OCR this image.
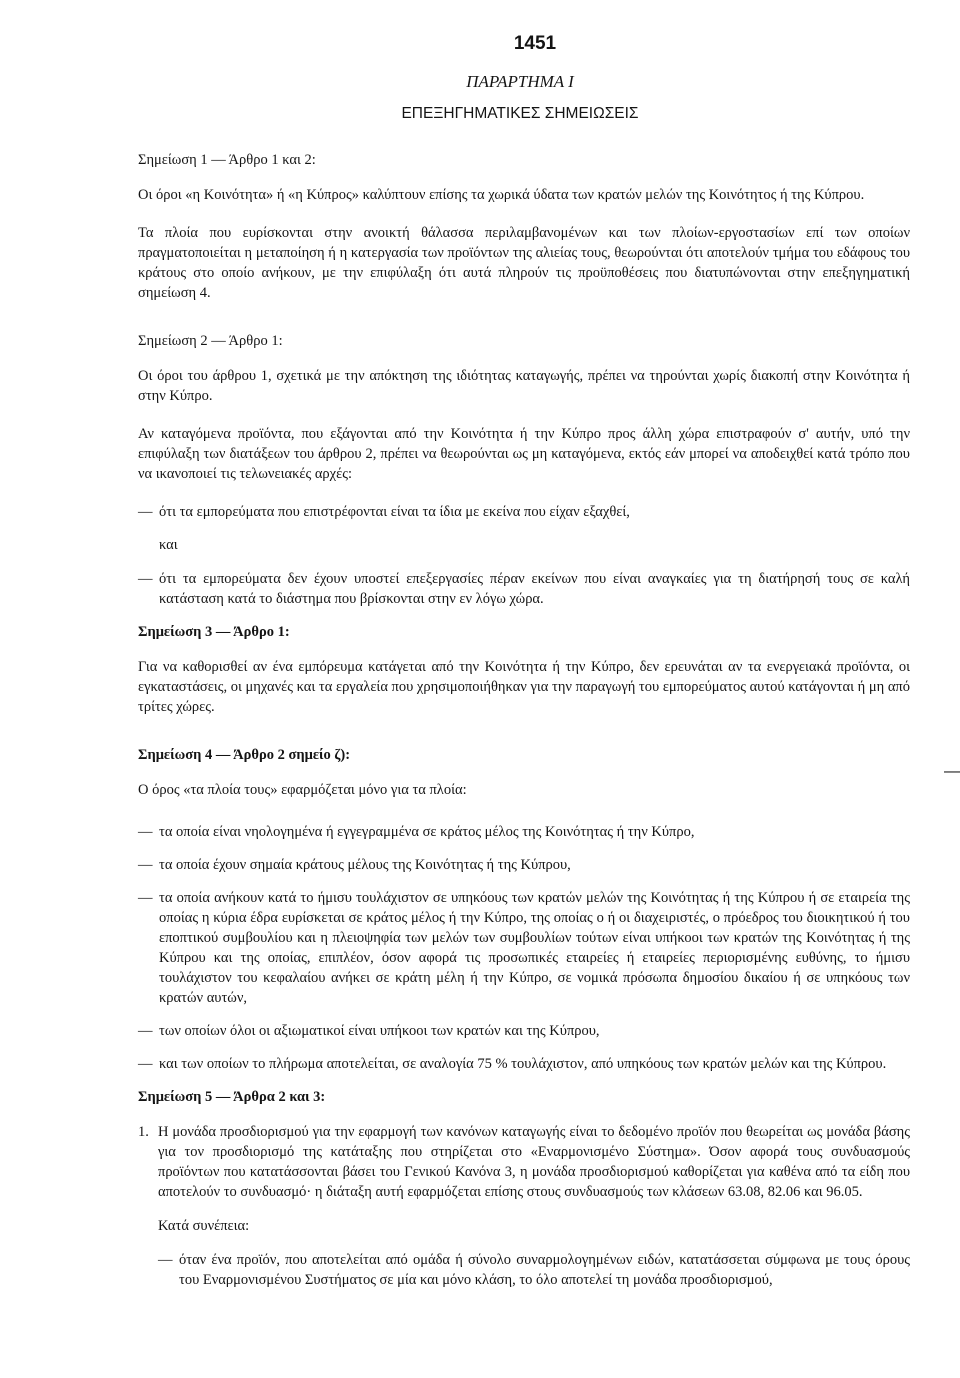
1451
ΠΑΡΑΡΤΗΜΑ Ι
ΕΠΕΞΗΓΗΜΑΤΙΚΕΣ ΣΗΜΕΙΩΣΕΙΣ
Σημείωση 1 — Άρθρο 1 και 2:
Οι όροι «η Κοινότητα» ή «η Κύπρος» καλύπτουν επίσης τα χωρικά ύδατα των κρατών μελών της Κοινότητος ή της Κύπρου.
Τα πλοία που ευρίσκονται στην ανοικτή θάλασσα περιλαμβανομένων και των πλοίων-εργοστασίων επί των οποίων πραγματοποιείται η μεταποίηση ή η κατεργασία των προϊόντων της αλιείας τους, θεωρούνται ότι αποτελούν τμήμα του εδάφους του κράτους στο οποίο ανήκουν, με την επιφύλαξη ότι αυτά πληρούν τις προϋποθέσεις που διατυπώνονται στην επεξηγηματική σημείωση 4.
Σημείωση 2 — Άρθρο 1:
Οι όροι του άρθρου 1, σχετικά με την απόκτηση της ιδιότητας καταγωγής, πρέπει να τηρούνται χωρίς διακοπή στην Κοινότητα ή στην Κύπρο.
Αν καταγόμενα προϊόντα, που εξάγονται από την Κοινότητα ή την Κύπρο προς άλλη χώρα επιστραφούν σ' αυτήν, υπό την επιφύλαξη των διατάξεων του άρθρου 2, πρέπει να θεωρούνται ως μη καταγόμενα, εκτός εάν μπορεί να αποδειχθεί κατά τρόπο που να ικανοποιεί τις τελωνειακές αρχές:
— ότι τα εμπορεύματα που επιστρέφονται είναι τα ίδια με εκείνα που είχαν εξαχθεί,
και
— ότι τα εμπορεύματα δεν έχουν υποστεί επεξεργασίες πέραν εκείνων που είναι αναγκαίες για τη διατήρησή τους σε καλή κατάσταση κατά το διάστημα που βρίσκονται στην εν λόγω χώρα.
Σημείωση 3 — Άρθρο 1:
Για να καθορισθεί αν ένα εμπόρευμα κατάγεται από την Κοινότητα ή την Κύπρο, δεν ερευνάται αν τα ενεργειακά προϊόντα, οι εγκαταστάσεις, οι μηχανές και τα εργαλεία που χρησιμοποιήθηκαν για την παραγωγή του εμπορεύματος αυτού κατάγονται ή μη από τρίτες χώρες.
Σημείωση 4 — Άρθρο 2 σημείο ζ):
Ο όρος «τα πλοία τους» εφαρμόζεται μόνο για τα πλοία:
— τα οποία είναι νηολογημένα ή εγγεγραμμένα σε κράτος μέλος της Κοινότητας ή την Κύπρο,
— τα οποία έχουν σημαία κράτους μέλους της Κοινότητας ή της Κύπρου,
— τα οποία ανήκουν κατά το ήμισυ τουλάχιστον σε υπηκόους των κρατών μελών της Κοινότητας ή της Κύπρου ή σε εταιρεία της οποίας η κύρια έδρα ευρίσκεται σε κράτος μέλος ή την Κύπρο, της οποίας ο ή οι διαχειριστές, ο πρόεδρος του διοικητικού ή του εποπτικού συμβουλίου και η πλειοψηφία των μελών των συμβουλίων τούτων είναι υπήκοοι των κρατών της Κοινότητας ή της Κύπρου και της οποίας, επιπλέον, όσον αφορά τις προσωπικές εταιρείες ή εταιρείες περιορισμένης ευθύνης, το ήμισυ τουλάχιστον του κεφαλαίου ανήκει σε κράτη μέλη ή την Κύπρο, σε νομικά πρόσωπα δημοσίου δικαίου ή σε υπηκόους των κρατών αυτών,
— των οποίων όλοι οι αξιωματικοί είναι υπήκοοι των κρατών και της Κύπρου,
— και των οποίων το πλήρωμα αποτελείται, σε αναλογία 75 % τουλάχιστον, από υπηκόους των κρατών μελών και της Κύπρου.
Σημείωση 5 — Άρθρα 2 και 3:
1. Η μονάδα προσδιορισμού για την εφαρμογή των κανόνων καταγωγής είναι το δεδομένο προϊόν που θεωρείται ως μονάδα βάσης για τον προσδιορισμό της κατάταξης που στηρίζεται στο «Εναρμονισμένο Σύστημα». Όσον αφορά τους συνδυασμούς προϊόντων που κατατάσσονται βάσει του Γενικού Κανόνα 3, η μονάδα προσδιορισμού καθορίζεται για καθένα από τα είδη που αποτελούν το συνδυασμό· η διάταξη αυτή εφαρμόζεται επίσης στους συνδυασμούς των κλάσεων 63.08, 82.06 και 96.05.
Κατά συνέπεια:
— όταν ένα προϊόν, που αποτελείται από ομάδα ή σύνολο συναρμολογημένων ειδών, κατατάσσεται σύμφωνα με τους όρους του Εναρμονισμένου Συστήματος σε μία και μόνο κλάση, το όλο αποτελεί τη μονάδα προσδιορισμού,
—
